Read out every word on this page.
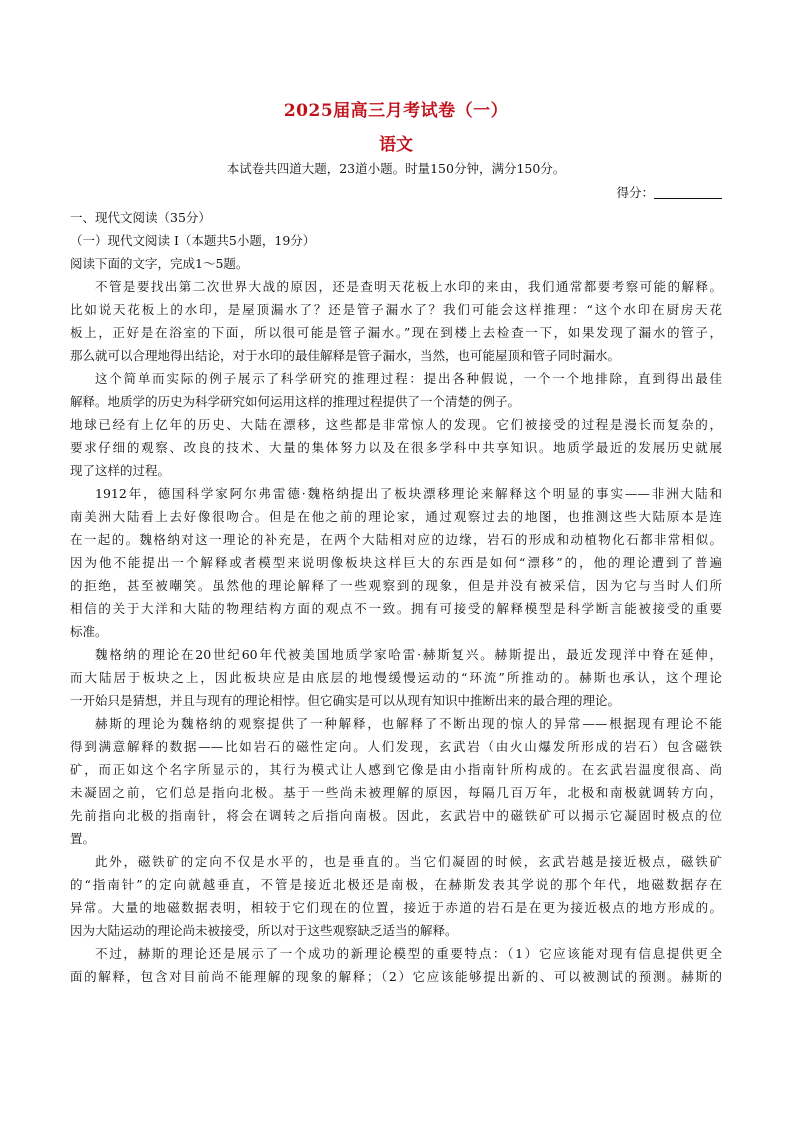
2025届高三月考试卷（一）
语文
本试卷共四道大题，23道小题。时量150分钟，满分150分。
得分：
一、现代文阅读（35分）
（一）现代文阅读 I（本题共5小题，19分）
阅读下面的文字，完成1～5题。
不管是要找出第二次世界大战的原因，还是查明天花板上水印的来由，我们通常都要考察可能的解释。
比如说天花板上的水印，是屋顶漏水了？还是管子漏水了？我们可能会这样推理：“这个水印在厨房天花
板上，正好是在浴室的下面，所以很可能是管子漏水。”现在到楼上去检查一下，如果发现了漏水的管子，
那么就可以合理地得出结论，对于水印的最佳解释是管子漏水，当然，也可能屋顶和管子同时漏水。
这个简单而实际的例子展示了科学研究的推理过程：提出各种假说，一个一个地排除，直到得出最佳
解释。地质学的历史为科学研究如何运用这样的推理过程提供了一个清楚的例子。
地球已经有上亿年的历史、大陆在漂移，这些都是非常惊人的发现。它们被接受的过程是漫长而复杂的，
要求仔细的观察、改良的技术、大量的集体努力以及在很多学科中共享知识。地质学最近的发展历史就展
现了这样的过程。
1912年，德国科学家阿尔弗雷德·魏格纳提出了板块漂移理论来解释这个明显的事实——非洲大陆和
南美洲大陆看上去好像很吻合。但是在他之前的理论家，通过观察过去的地图，也推测这些大陆原本是连
在一起的。魏格纳对这一理论的补充是，在两个大陆相对应的边缘，岩石的形成和动植物化石都非常相似。
因为他不能提出一个解释或者模型来说明像板块这样巨大的东西是如何“漂移”的，他的理论遭到了普遍
的拒绝，甚至被嘲笑。虽然他的理论解释了一些观察到的现象，但是并没有被采信，因为它与当时人们所
相信的关于大洋和大陆的物理结构方面的观点不一致。拥有可接受的解释模型是科学断言能被接受的重要
标准。
魏格纳的理论在20世纪60年代被美国地质学家哈雷·赫斯复兴。赫斯提出，最近发现洋中脊在延伸，
而大陆居于板块之上，因此板块应是由底层的地慢缓慢运动的“环流”所推动的。赫斯也承认，这个理论
一开始只是猜想，并且与现有的理论相悖。但它确实是可以从现有知识中推断出来的最合理的理论。
赫斯的理论为魏格纳的观察提供了一种解释，也解释了不断出现的惊人的异常——根据现有理论不能
得到满意解释的数据——比如岩石的磁性定向。人们发现，玄武岩（由火山爆发所形成的岩石）包含磁铁
矿，而正如这个名字所显示的，其行为模式让人感到它像是由小指南针所构成的。在玄武岩温度很高、尚
未凝固之前，它们总是指向北极。基于一些尚未被理解的原因，每隔几百万年，北极和南极就调转方向，
先前指向北极的指南针，将会在调转之后指向南极。因此，玄武岩中的磁铁矿可以揭示它凝固时极点的位
置。
此外，磁铁矿的定向不仅是水平的，也是垂直的。当它们凝固的时候，玄武岩越是接近极点，磁铁矿
的“指南针”的定向就越垂直，不管是接近北极还是南极，在赫斯发表其学说的那个年代，地磁数据存在
异常。大量的地磁数据表明，相较于它们现在的位置，接近于赤道的岩石是在更为接近极点的地方形成的。
因为大陆运动的理论尚未被接受，所以对于这些观察缺乏适当的解释。
不过，赫斯的理论还是展示了一个成功的新理论模型的重要特点：（1）它应该能对现有信息提供更全
面的解释，包含对目前尚不能理解的现象的解释；（2）它应该能够提出新的、可以被测试的预测。赫斯的
